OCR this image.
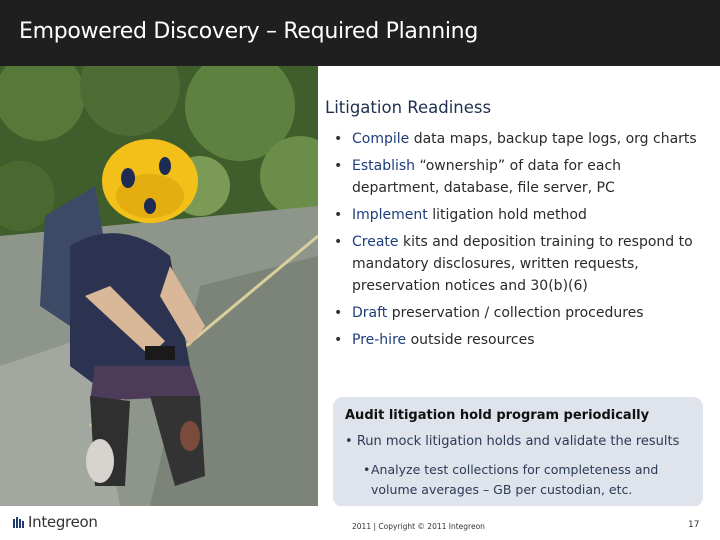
Empowered Discovery – Required Planning
Litigation Readiness
• Compile data maps, backup tape logs, org charts
• Establish “ownership” of data for each department, database, file server, PC
• Implement litigation hold method
• Create kits and deposition training to respond to mandatory disclosures, written requests, preservation notices and 30(b)(6)
• Draft preservation / collection procedures
• Pre-hire outside resources
Audit litigation hold program periodically
• Run mock litigation holds and validate the results
• Analyze test collections for completeness and volume averages – GB per custodian, etc.
Integreon	2011 | Copyright © 2011 Integreon	17
